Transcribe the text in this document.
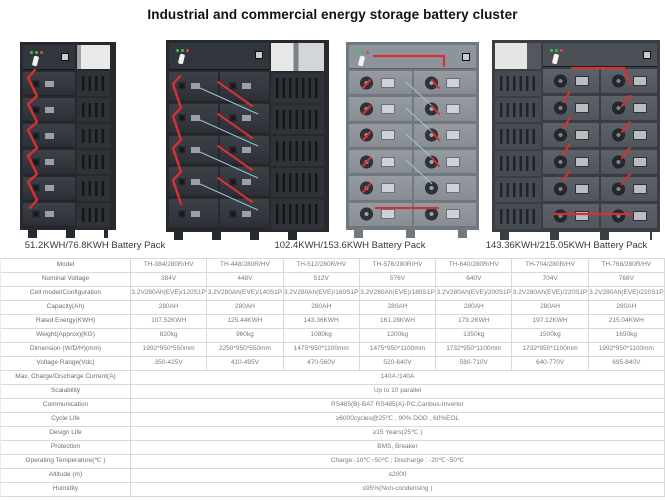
Industrial and commercial energy storage battery cluster
51.2KWH/76.8KWH Battery Pack	102.4KWH/153.6KWH Battery Pack	143.36KWH/215.05KWH Battery Pack
Model	TH-384/280R/HV	TH-448/280R/HV	TH-512/280R/HV	TH-576/280R/HV	TH-640/280R/HV	TH-704/280R/HV	TH-768/280R/HV
Nominal Voltage	384V	448V	512V	576V	640V	704V	768V
Cell model/Configuration	3.2V280Ah(EVE)/120S1P 3.2V280Ah(EVE)/140S1P 3.2V280Ah(EVE)/160S1P 3.2V280Ah(EVE)/180S1P 3.2V280Ah(EVE)/200S1P 3.2V280Ah(EVE)/220S1P 3.2V280Ah(EVE)/220S1P
Capacity(Ah)	280AH	280AH	280AH	280AH	280AH	280AH	280AH
Rated Energy(KWH)	107.52KWH	125.44KWH	143.36KWH	161.28KWH	179.2KWH	197.12KWH	215.04KWH
Weight(Approx)(KG)	820kg	960kg	1080kg	1200kg	1350kg	1500kg	1650kg
Dimension (W/D/H)(mm)	1992*950*550mm	2250*950*550mm	1475*950*1100mm	1475*950*1100mm	1732*950*1100mm	1732*950*1100mm	1992*950*1100mm
Voltage Range(Vdc)	350-425V	410-495V	470-560V	520-640V	580-710V	640-770V	695-840V
Max. Charge/Discharge Current(A)	140A /140A
Scalability	Up to 10 parallel
Communication	RS485(B)-BAT RS485(A)-PC,Canbus-Inverter
Cycle Life	≥6000cycles@25℃ , 90% DOD , 60%EOL
Design Life	≥15 Years(25℃ )
Protection	BMS, Breaker
Operating Temperature(℃ )	Charge:-10℃~50℃ ; Discharge : -20℃~50℃
Altitude (m)	≤2000
Humidity	≤95%(Non-condensing )
